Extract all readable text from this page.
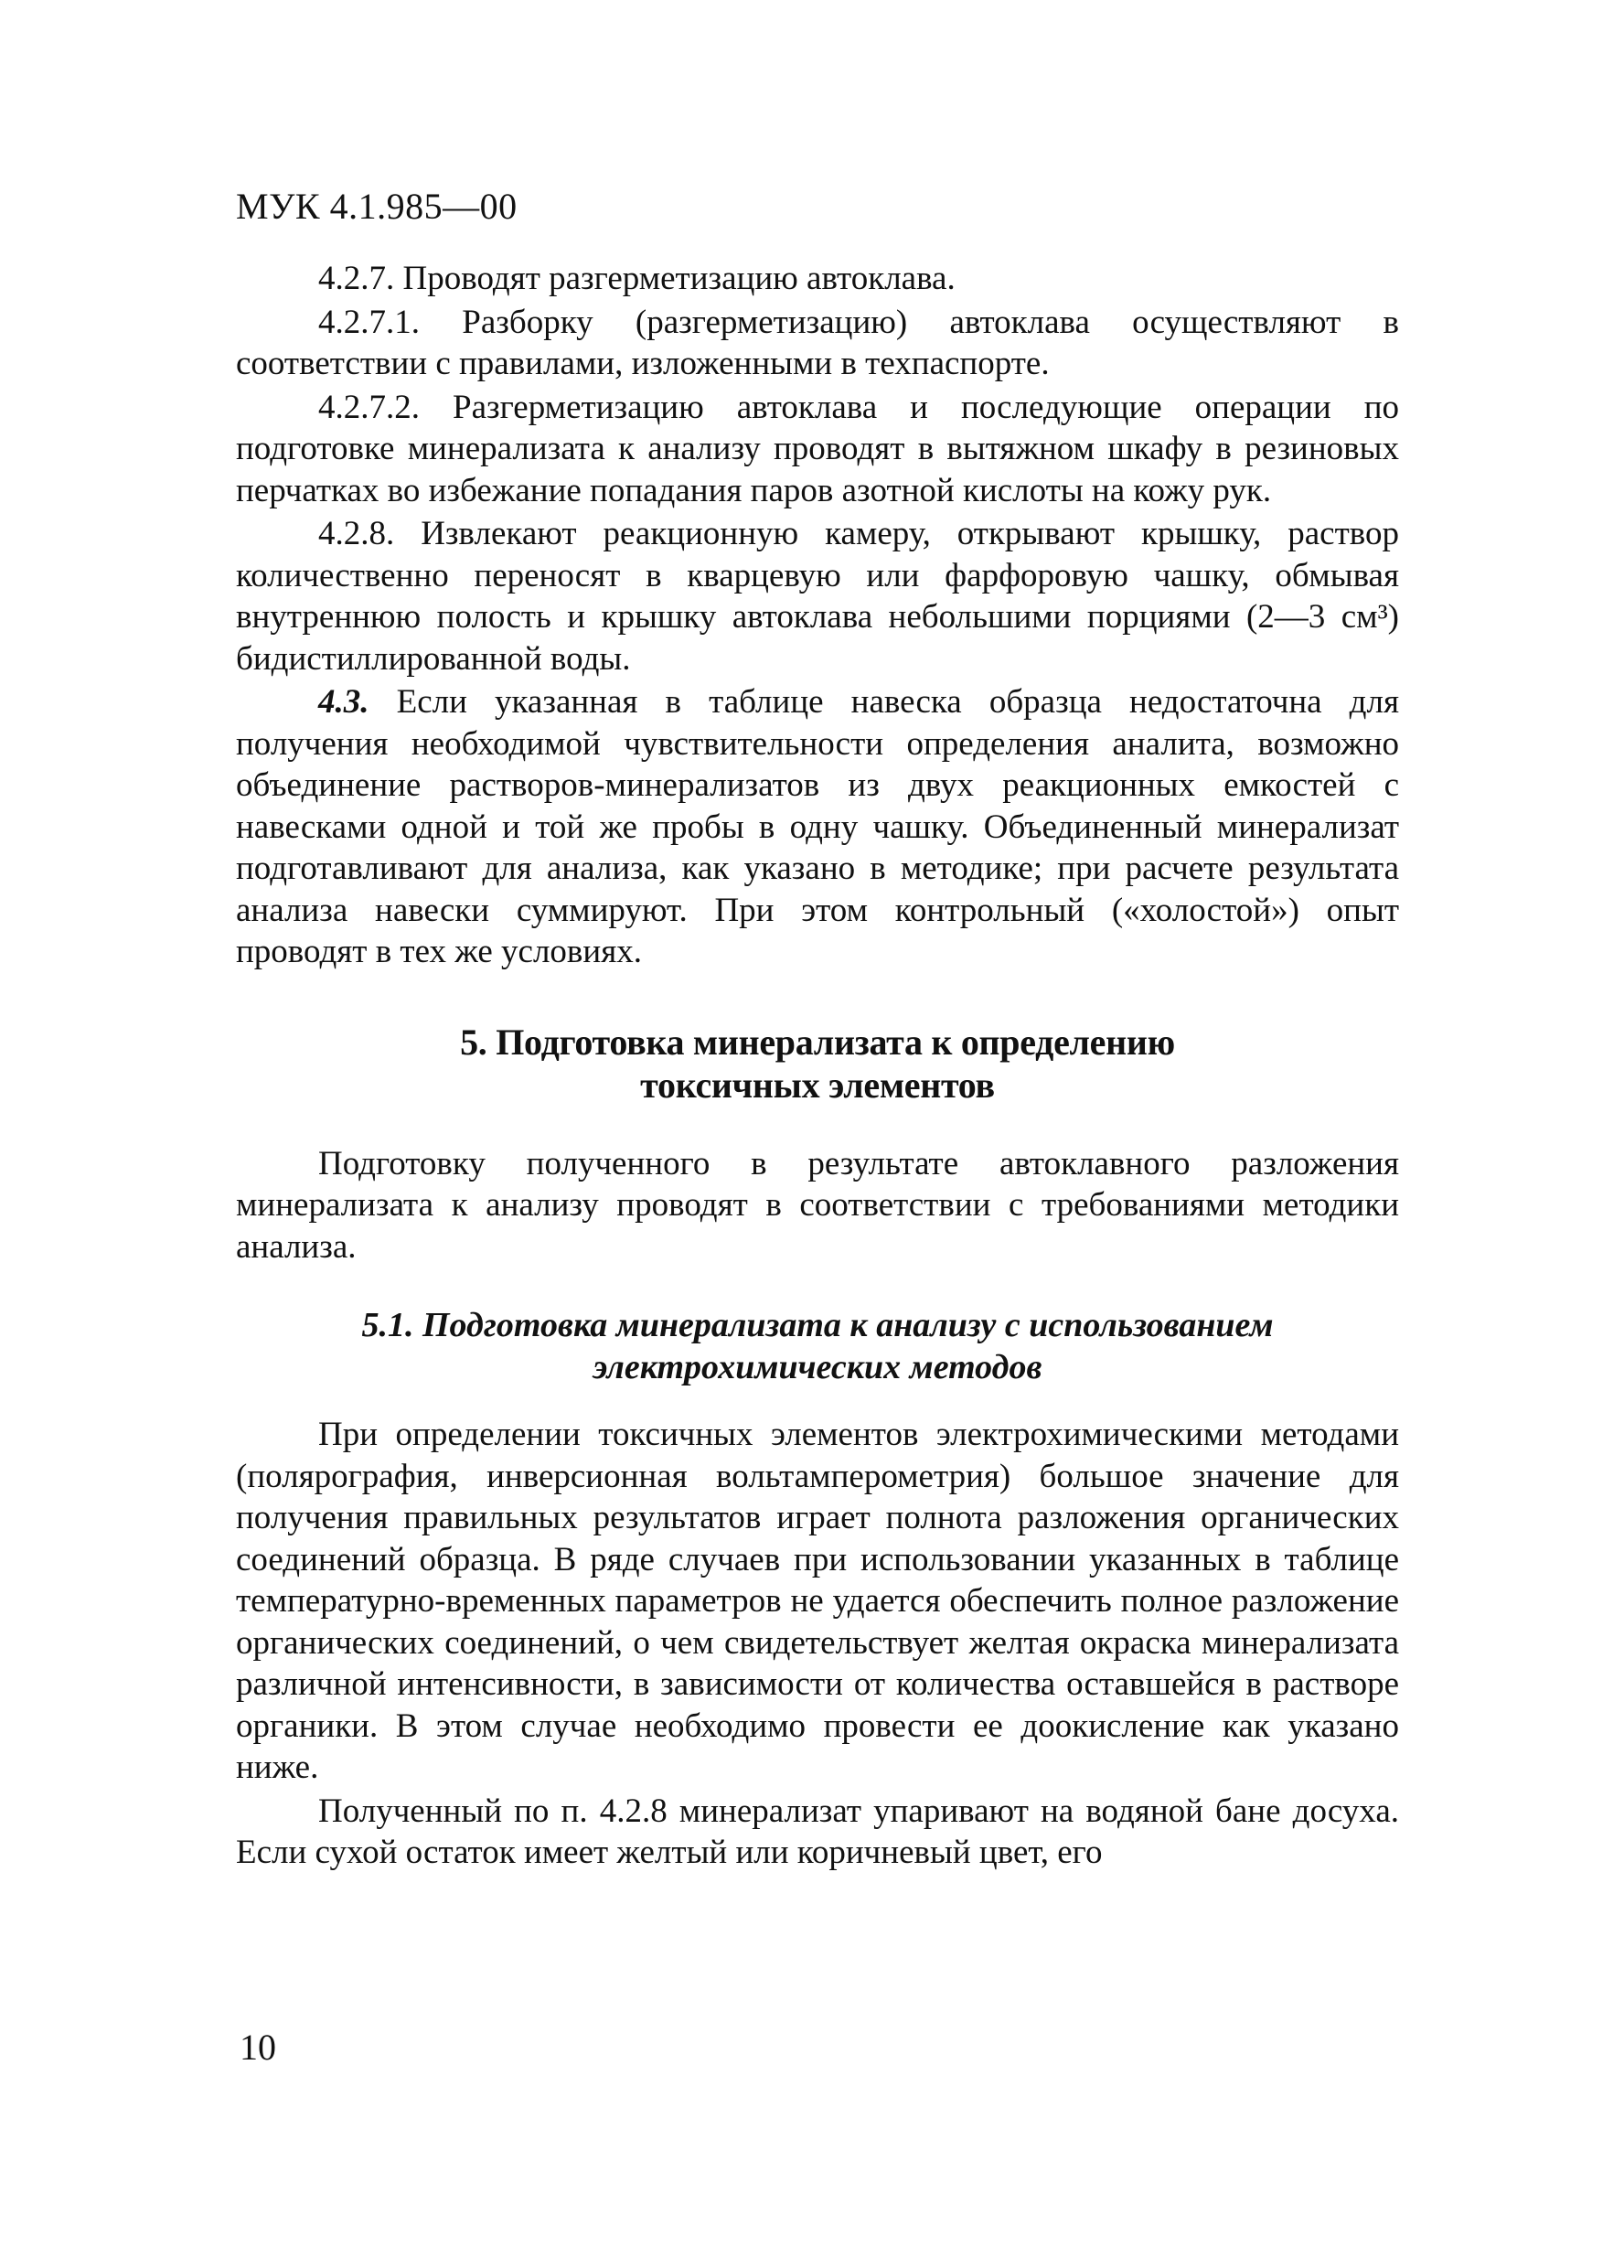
МУК 4.1.985—00

4.2.7. Проводят разгерметизацию автоклава.

4.2.7.1. Разборку (разгерметизацию) автоклава осуществляют в соответствии с правилами, изложенными в техпаспорте.

4.2.7.2. Разгерметизацию автоклава и последующие операции по подготовке минерализата к анализу проводят в вытяжном шкафу в резиновых перчатках во избежание попадания паров азотной кислоты на кожу рук.

4.2.8. Извлекают реакционную камеру, открывают крышку, раствор количественно переносят в кварцевую или фарфоровую чашку, обмывая внутреннюю полость и крышку автоклава небольшими порциями (2—3 см³) бидистиллированной воды.

4.3. Если указанная в таблице навеска образца недостаточна для получения необходимой чувствительности определения аналита, возможно объединение растворов-минерализатов из двух реакционных емкостей с навесками одной и той же пробы в одну чашку. Объединенный минерализат подготавливают для анализа, как указано в методике; при расчете результата анализа навески суммируют. При этом контрольный («холостой») опыт проводят в тех же условиях.

5. Подготовка минерализата к определению
токсичных элементов

Подготовку полученного в результате автоклавного разложения минерализата к анализу проводят в соответствии с требованиями методики анализа.

5.1. Подготовка минерализата к анализу с использованием
электрохимических методов

При определении токсичных элементов электрохимическими методами (полярография, инверсионная вольтамперометрия) большое значение для получения правильных результатов играет полнота разложения органических соединений образца. В ряде случаев при использовании указанных в таблице температурно-временных параметров не удается обеспечить полное разложение органических соединений, о чем свидетельствует желтая окраска минерализата различной интенсивности, в зависимости от количества оставшейся в растворе органики. В этом случае необходимо провести ее доокисление как указано ниже.

Полученный по п. 4.2.8 минерализат упаривают на водяной бане досуха. Если сухой остаток имеет желтый или коричневый цвет, его

10
